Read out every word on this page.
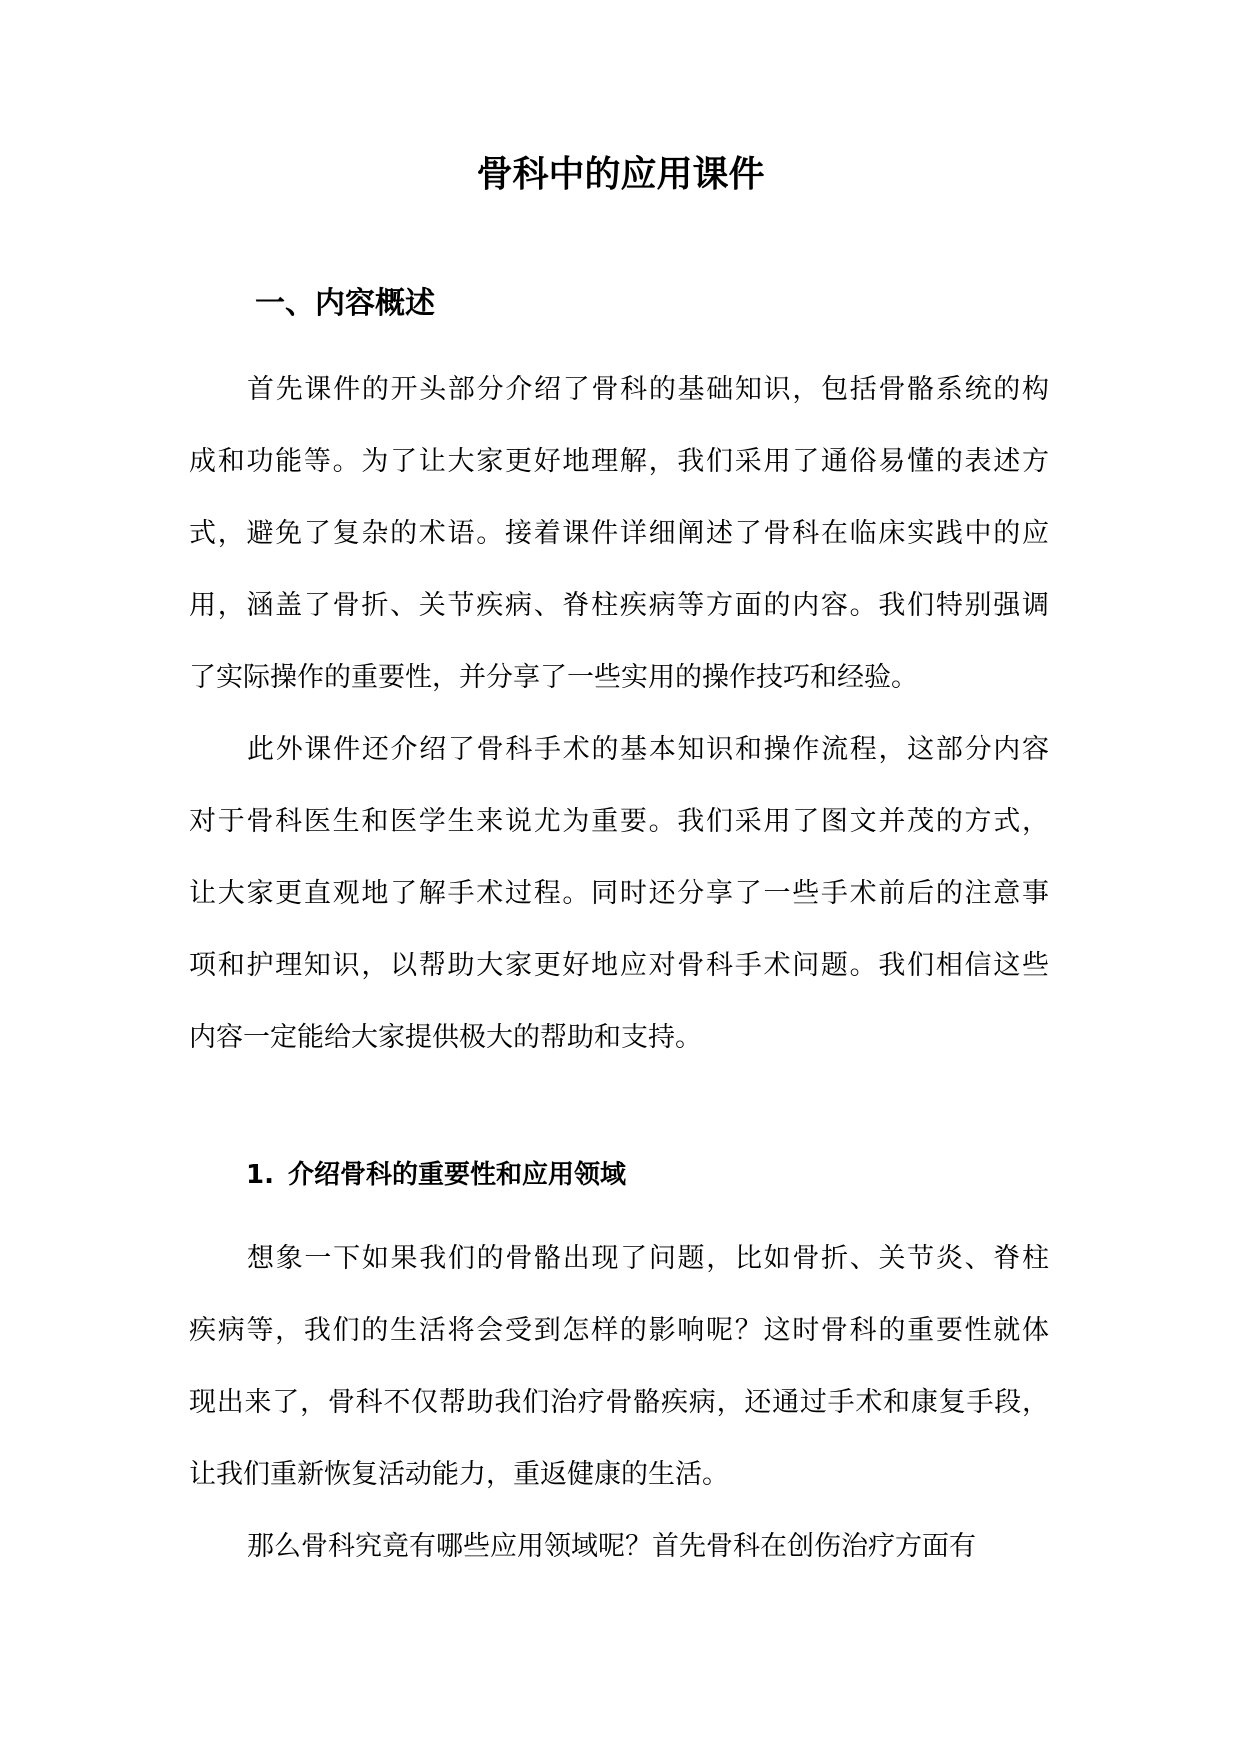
骨科中的应用课件
一、内容概述
首先课件的开头部分介绍了骨科的基础知识，包括骨骼系统的构
成和功能等。为了让大家更好地理解，我们采用了通俗易懂的表述方
式，避免了复杂的术语。接着课件详细阐述了骨科在临床实践中的应
用，涵盖了骨折、关节疾病、脊柱疾病等方面的内容。我们特别强调
了实际操作的重要性，并分享了一些实用的操作技巧和经验。
此外课件还介绍了骨科手术的基本知识和操作流程，这部分内容
对于骨科医生和医学生来说尤为重要。我们采用了图文并茂的方式，
让大家更直观地了解手术过程。同时还分享了一些手术前后的注意事
项和护理知识，以帮助大家更好地应对骨科手术问题。我们相信这些
内容一定能给大家提供极大的帮助和支持。
1. 介绍骨科的重要性和应用领域
想象一下如果我们的骨骼出现了问题，比如骨折、关节炎、脊柱
疾病等，我们的生活将会受到怎样的影响呢？这时骨科的重要性就体
现出来了，骨科不仅帮助我们治疗骨骼疾病，还通过手术和康复手段，
让我们重新恢复活动能力，重返健康的生活。
那么骨科究竟有哪些应用领域呢？首先骨科在创伤治疗方面有
